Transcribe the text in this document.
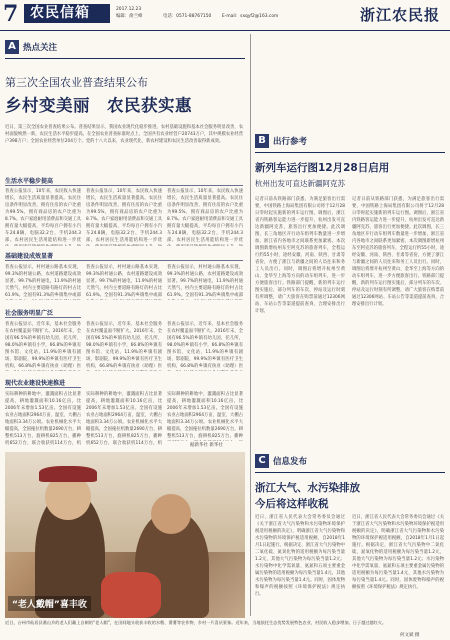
7 农民信箱	2017.12.23
编辑：俞兰峰	电话：0571-88767150 E-mail：sxqyf2@163.com	浙江农民报
A 热点关注
第三次全国农业普查结果公布
乡村变美丽　农民获实惠
近日，第三次全国农业普查结果公布。普查结果显示，我国农业现代化稳步推进，农村基础设施和基本社会服务明显改善，农村面貌焕然一新，农民生活水平稳步提高。在全国农业普查标准时点上，全国共有农业经营户20743万户，其中规模农业经营户398万户；全国农业经营单位204万个。党的十八大以来，农业现代化、新农村建设和农民生活改善取得新成效。
生活水平稳步提高
普查公报显示，10年来，农民收入快速增长，农民生活质量显著提高。农民住房条件明显改善，拥有住房的农户比重为99.5%，拥有商品房的农户比重为8.7%。农户家庭耐用消费品和交通工具拥有量大幅提高，平均每百户拥有小汽车24.8辆，电脑32.2台，手机244.3部。农村居民生活用能结构进一步优
普查公报显示，10年来，农民收入快速增长，农民生活质量显著提高。农民住房条件明显改善，拥有住房的农户比重为99.5%，拥有商品房的农户比重为8.7%。农户家庭耐用消费品和交通工具拥有量大幅提高，平均每百户拥有小汽车24.8辆，电脑32.2台，手机244.3部。农村居民生活用能结构进一步优
普查公报显示，10年来，农民收入快速增长，农民生活质量显著提高。农民住房条件明显改善，拥有住房的农户比重为99.5%，拥有商品房的农户比重为8.7%。农户家庭耐用消费品和交通工具拥有量大幅提高，平均每百户拥有小汽车24.8辆，电脑32.2台，手机244.3部。农村居民生活用能结构进一步优
基础建设成效显著
普查公报显示，村村通公路基本实现，99.3%的村通公路，农村道路建设成效显著。99.7%的村通电，11.9%的村通天然气，村内主要道路有路灯的村占比61.9%。全国有91.3%的乡镇集中或部
普查公报显示，村村通公路基本实现，99.3%的村通公路，农村道路建设成效显著。99.7%的村通电，11.9%的村通天然气，村内主要道路有路灯的村占比61.9%。全国有91.3%的乡镇集中或部
普查公报显示，村村通公路基本实现，99.3%的村通公路，农村道路建设成效显著。99.7%的村通电，11.9%的村通天然气，村内主要道路有路灯的村占比61.9%。全国有91.3%的乡镇集中或部
社会服务明显广泛
普查公报显示，近年来，基本社会服务在农村覆盖面不断扩大。2016年末，全国有96.5%的乡镇有幼儿园、托儿所，98.0%的乡镇有小学，66.8%的乡镇有图书馆、文化站，11.9%的乡镇有剧场、影剧院，99.9%的乡镇有医疗卫生机构，66.8%的乡镇有执业（助理）医
普查公报显示，近年来，基本社会服务在农村覆盖面不断扩大。2016年末，全国有96.5%的乡镇有幼儿园、托儿所，98.0%的乡镇有小学，66.8%的乡镇有图书馆、文化站，11.9%的乡镇有剧场、影剧院，99.9%的乡镇有医疗卫生机构，66.8%的乡镇有执业（助理）医
普查公报显示，近年来，基本社会服务在农村覆盖面不断扩大。2016年末，全国有96.5%的乡镇有幼儿园、托儿所，98.0%的乡镇有小学，66.8%的乡镇有图书馆、文化站，11.9%的乡镇有剧场、影剧院，99.9%的乡镇有医疗卫生机构，66.8%的乡镇有执业（助理）医
现代农业建设快速推进
实际耕种的耕地中，灌溉面积占比显著提高，耕地灌溉面积10.16亿亩，比2006年末增加1.53亿亩。全国有设施农业占地面积2964万亩，温室、大棚占地面积3.34万公顷。农业机械化水平大幅提高，全国拖拉机数量2690万台，耕整机513万台，旋耕机825万台，播种机652万台，联合收获机114万台，机
实际耕种的耕地中，灌溉面积占比显著提高，耕地灌溉面积10.16亿亩，比2006年末增加1.53亿亩。全国有设施农业占地面积2964万亩，温室、大棚占地面积3.34万公顷。农业机械化水平大幅提高，全国拖拉机数量2690万台，耕整机513万台，旋耕机825万台，播种机652万台，联合收获机114万台，机
实际耕种的耕地中，灌溉面积占比显著提高，耕地灌溉面积10.16亿亩，比2006年末增加1.53亿亩。全国有设施农业占地面积2964万亩，温室、大棚占地面积3.34万公顷。农业机械化水平大幅提高，全国拖拉机数量2690万台，耕整机513万台，旋耕机825万台，播种
据新华社 新华社
“老人戴帽”喜丰收
近日，台州市仙居县湫山乡的老人们戴上自制的“老人帽”，在田间地头收获丰收的水稻、番薯等农作物，乡村一片喜庆景象。近年来，当地依托生态优势发展特色农业，村民收入稳步增加，日子越过越红火。
何文斌 摄
B 出行参考
新列车运行图12月28日启用
杭州出发可直达新疆阿克苏
记者日前从铁路部门获悉，为满足旅客出行需要，中国铁路上海局集团有限公司将于12月28日零时起实施新的列车运行图。调图后，浙江省内铁路客运能力进一步提升，杭州出发可直达新疆阿克苏，旅客出行更加便捷。此次调图，长三角地区开行动车组列车数量进一步增加，浙江省内各地市之间联系更加紧密。本次调图新增杭州东至阿克苏的旅客列车，全程运行约55小时，途经安徽、河南、陕西、甘肃等省份，方便了浙江与新疆之间的人员往来和务工人员出行。同时，调图后将增开杭州至黄山、金华至上海等方向的动车组列车，进一步方便旅客出行。铁路部门提醒，新的列车运行图实施后，部分列车的车次、停站及运行时刻有所调整，请广大旅客在购票前通过12306网站、车站公告等渠道提前查询，合理安排出行计划。
记者日前从铁路部门获悉，为满足旅客出行需要，中国铁路上海局集团有限公司将于12月28日零时起实施新的列车运行图。调图后，浙江省内铁路客运能力进一步提升，杭州出发可直达新疆阿克苏，旅客出行更加便捷。此次调图，长三角地区开行动车组列车数量进一步增加，浙江省内各地市之间联系更加紧密。本次调图新增杭州东至阿克苏的旅客列车，全程运行约55小时，途经安徽、河南、陕西、甘肃等省份，方便了浙江与新疆之间的人员往来和务工人员出行。同时，调图后将增开杭州至黄山、金华至上海等方向的动车组列车，进一步方便旅客出行。铁路部门提醒，新的列车运行图实施后，部分列车的车次、停站及运行时刻有所调整，请广大旅客在购票前通过12306网站、车站公告等渠道提前查询，合理安排出行计划。
C 信息发布
浙江大气、水污染排放
今后将这样收税
近日，浙江省人民代表大会常务委员会通过《关于浙江省大气污染物和水污染物环境保护税适用税额的决定》，明确浙江省大气污染物和水污染物的环境保护税适用税额，自2018年1月1日起施行。根据决定，浙江省大气污染物中二氧化硫、氮氧化物的适用税额为每污染当量1.2元，其他大气污染物为每污染当量1.2元；水污染物中化学需氧量、氨氮和五项主要重金属污染物的适用税额为每污染当量1.4元，其他水污染物为每污染当量1.4元。同时，固体废物和噪声的税额按照《环境保护税法》规定执行。
近日，浙江省人民代表大会常务委员会通过《关于浙江省大气污染物和水污染物环境保护税适用税额的决定》，明确浙江省大气污染物和水污染物的环境保护税适用税额，自2018年1月1日起施行。根据决定，浙江省大气污染物中二氧化硫、氮氧化物的适用税额为每污染当量1.2元，其他大气污染物为每污染当量1.2元；水污染物中化学需氧量、氨氮和五项主要重金属污染物的适用税额为每污染当量1.4元，其他水污染物为每污染当量1.4元。同时，固体废物和噪声的税额按照《环境保护税法》规定执行。
